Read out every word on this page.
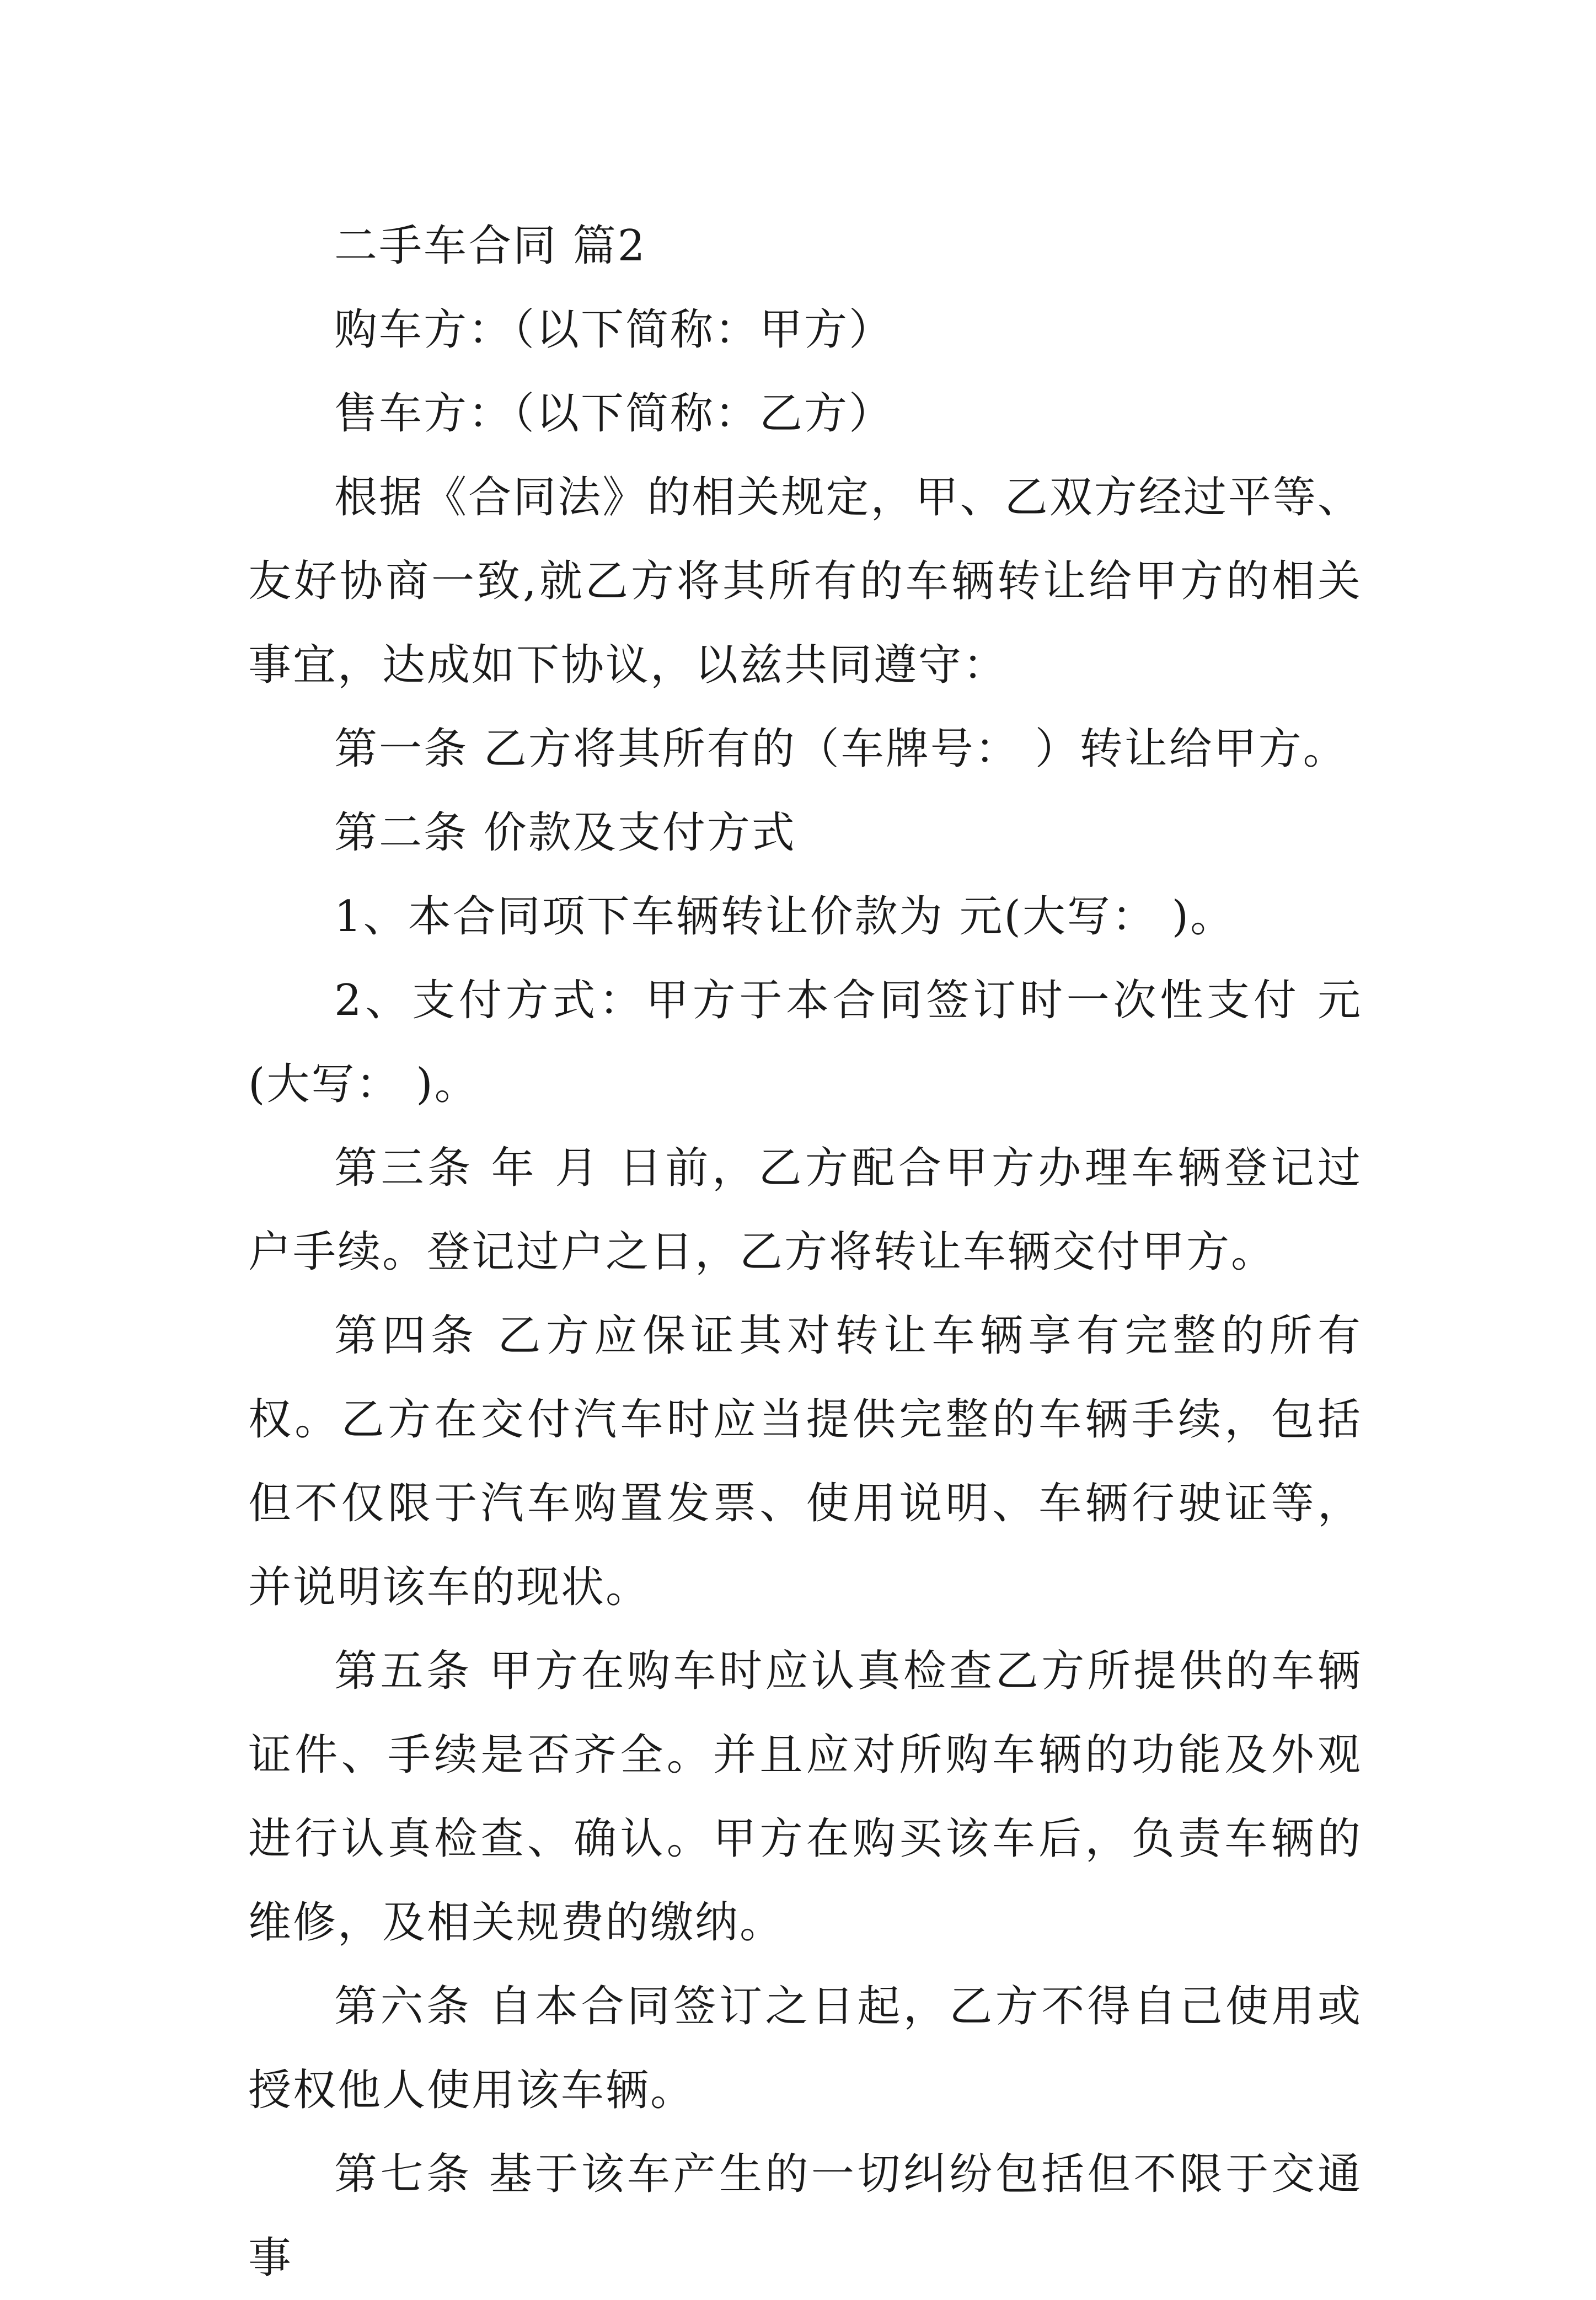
二手车合同 篇2

购车方：（以下简称：甲方）

售车方：（以下简称：乙方）

根据《合同法》的相关规定，甲、乙双方经过平等、友好协商一致,就乙方将其所有的车辆转让给甲方的相关事宜，达成如下协议，以兹共同遵守：

第一条 乙方将其所有的（车牌号： ）转让给甲方。

第二条 价款及支付方式

1、本合同项下车辆转让价款为 元(大写： )。

2、支付方式：甲方于本合同签订时一次性支付 元(大写： )。

第三条 年 月 日前，乙方配合甲方办理车辆登记过户手续。登记过户之日，乙方将转让车辆交付甲方。

第四条 乙方应保证其对转让车辆享有完整的所有权。乙方在交付汽车时应当提供完整的车辆手续，包括但不仅限于汽车购置发票、使用说明、车辆行驶证等，并说明该车的现状。

第五条 甲方在购车时应认真检查乙方所提供的车辆证件、手续是否齐全。并且应对所购车辆的功能及外观进行认真检查、确认。甲方在购买该车后，负责车辆的维修，及相关规费的缴纳。

第六条 自本合同签订之日起，乙方不得自己使用或授权他人使用该车辆。

第七条 基于该车产生的一切纠纷包括但不限于交通事
